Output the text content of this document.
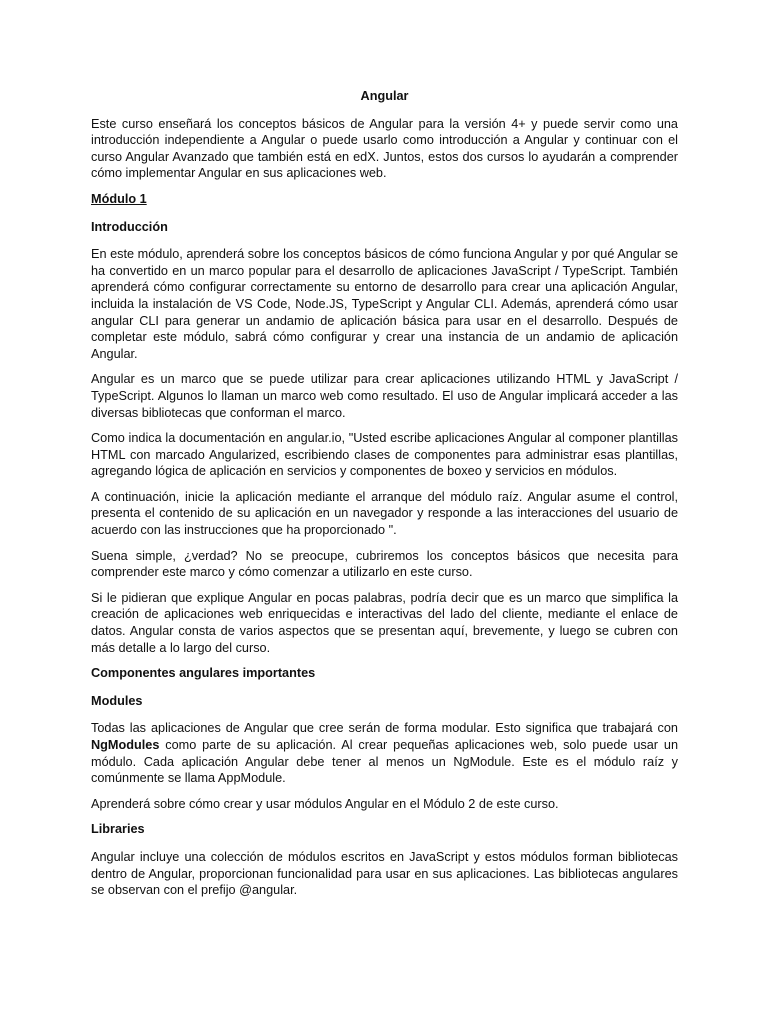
Angular

Este curso enseñará los conceptos básicos de Angular para la versión 4+ y puede servir como una introducción independiente a Angular o puede usarlo como introducción a Angular y continuar con el curso Angular Avanzado que también está en edX. Juntos, estos dos cursos lo ayudarán a comprender cómo implementar Angular en sus aplicaciones web.

Módulo 1
Introducción

En este módulo, aprenderá sobre los conceptos básicos de cómo funciona Angular y por qué Angular se ha convertido en un marco popular para el desarrollo de aplicaciones JavaScript / TypeScript. También aprenderá cómo configurar correctamente su entorno de desarrollo para crear una aplicación Angular, incluida la instalación de VS Code, Node.JS, TypeScript y Angular CLI. Además, aprenderá cómo usar angular CLI para generar un andamio de aplicación básica para usar en el desarrollo. Después de completar este módulo, sabrá cómo configurar y crear una instancia de un andamio de aplicación Angular.

Angular es un marco que se puede utilizar para crear aplicaciones utilizando HTML y JavaScript / TypeScript. Algunos lo llaman un marco web como resultado. El uso de Angular implicará acceder a las diversas bibliotecas que conforman el marco.

Como indica la documentación en angular.io, "Usted escribe aplicaciones Angular al componer plantillas HTML con marcado Angularized, escribiendo clases de componentes para administrar esas plantillas, agregando lógica de aplicación en servicios y componentes de boxeo y servicios en módulos.

A continuación, inicie la aplicación mediante el arranque del módulo raíz. Angular asume el control, presenta el contenido de su aplicación en un navegador y responde a las interacciones del usuario de acuerdo con las instrucciones que ha proporcionado ".

Suena simple, ¿verdad? No se preocupe, cubriremos los conceptos básicos que necesita para comprender este marco y cómo comenzar a utilizarlo en este curso.

Si le pidieran que explique Angular en pocas palabras, podría decir que es un marco que simplifica la creación de aplicaciones web enriquecidas e interactivas del lado del cliente, mediante el enlace de datos. Angular consta de varios aspectos que se presentan aquí, brevemente, y luego se cubren con más detalle a lo largo del curso.

Componentes angulares importantes
Modules

Todas las aplicaciones de Angular que cree serán de forma modular. Esto significa que trabajará con NgModules como parte de su aplicación. Al crear pequeñas aplicaciones web, solo puede usar un módulo. Cada aplicación Angular debe tener al menos un NgModule. Este es el módulo raíz y comúnmente se llama AppModule.

Aprenderá sobre cómo crear y usar módulos Angular en el Módulo 2 de este curso.

Libraries

Angular incluye una colección de módulos escritos en JavaScript y estos módulos forman bibliotecas dentro de Angular, proporcionan funcionalidad para usar en sus aplicaciones. Las bibliotecas angulares se observan con el prefijo @angular.
